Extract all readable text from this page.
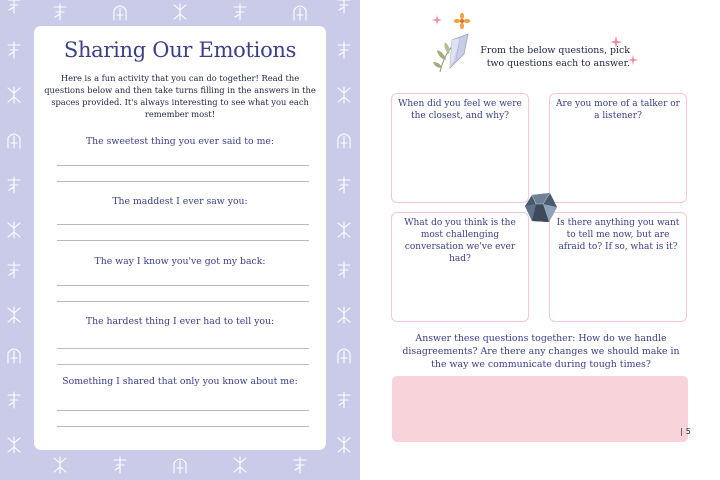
Sharing Our Emotions
Here is a fun activity that you can do together! Read the questions below and then take turns filling in the answers in the spaces provided. It's always interesting to see what you each remember most!
The sweetest thing you ever said to me:
The maddest I ever saw you:
The way I know you've got my back:
The hardest thing I ever had to tell you:
Something I shared that only you know about me:
From the below questions, pick two questions each to answer.
When did you feel we were the closest, and why?
Are you more of a talker or a listener?
What do you think is the most challenging conversation we've ever had?
Is there anything you want to tell me now, but are afraid to? If so, what is it?
Answer these questions together: How do we handle disagreements? Are there any changes we should make in the way we communicate during tough times?
| 5
